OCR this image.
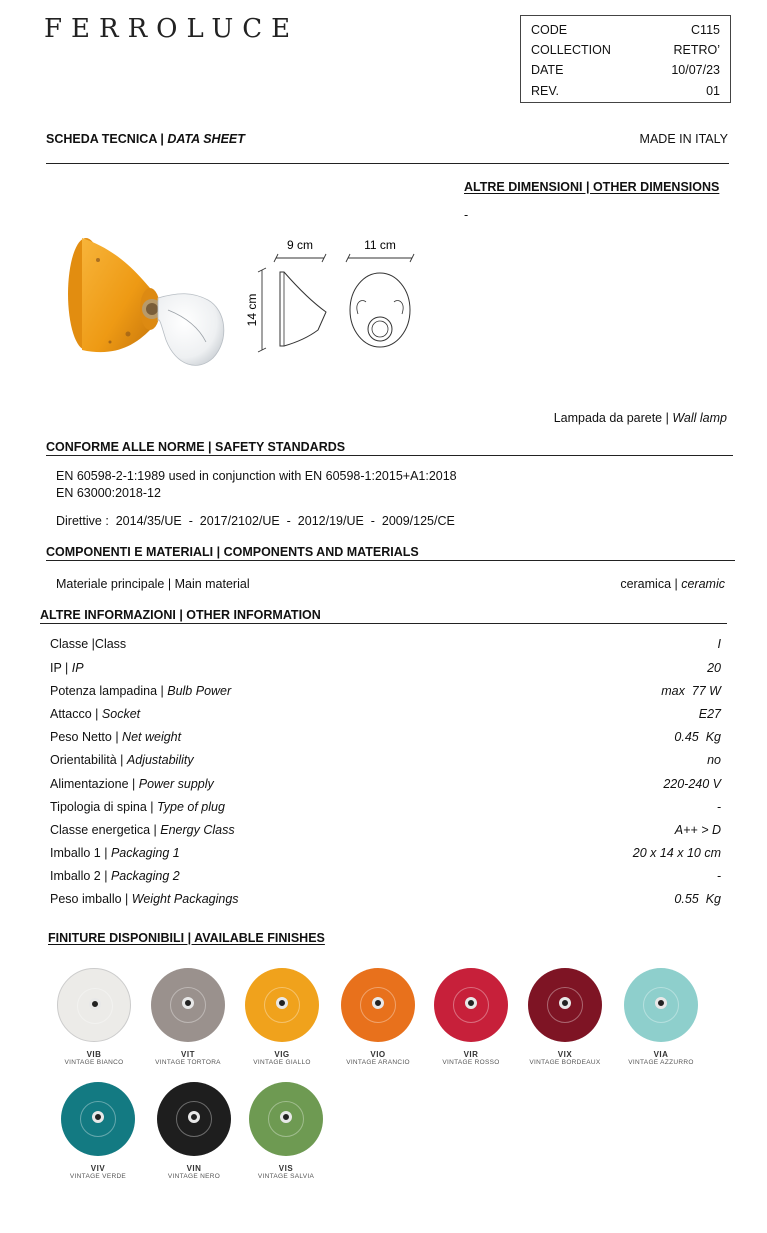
FERROLUCE	CODE	C115
COLLECTION	RETRO’
DATE	10/07/23
REV.	01
SCHEDA TECNICA | DATA SHEET	MADE IN ITALY
ALTRE DIMENSIONI | OTHER DIMENSIONS
-
9 cm	11 cm
14 cm
Lampada da parete | Wall lamp
CONFORME ALLE NORME | SAFETY STANDARDS
EN 60598-2-1:1989 used in conjunction with EN 60598-1:2015+A1:2018
EN 63000:2018-12
Direttive :  2014/35/UE  -  2017/2102/UE  -  2012/19/UE  -  2009/125/CE
COMPONENTI E MATERIALI | COMPONENTS AND MATERIALS
Materiale principale | Main material	ceramica | ceramic
ALTRE INFORMAZIONI | OTHER INFORMATION
Classe |Class	I
IP | IP	20
Potenza lampadina | Bulb Power	max  77 W
Attacco | Socket	E27
Peso Netto | Net weight	0.45  Kg
Orientabilità | Adjustability	no
Alimentazione | Power supply	220-240 V
Tipologia di spina | Type of plug	-
Classe energetica | Energy Class	A++ > D
Imballo 1 | Packaging 1	20 x 14 x 10 cm
Imballo 2 | Packaging 2	-
Peso imballo | Weight Packagings	0.55  Kg
FINITURE DISPONIBILI | AVAILABLE FINISHES
VIB
VINTAGE BIANCO
VIT
VINTAGE TORTORA
VIG
VINTAGE GIALLO
VIO
VINTAGE ARANCIO
VIR
VINTAGE ROSSO
VIX
VINTAGE BORDEAUX
VIA
VINTAGE AZZURRO
VIV
VINTAGE VERDE
VIN
VINTAGE NERO
VIS
VINTAGE SALVIA
